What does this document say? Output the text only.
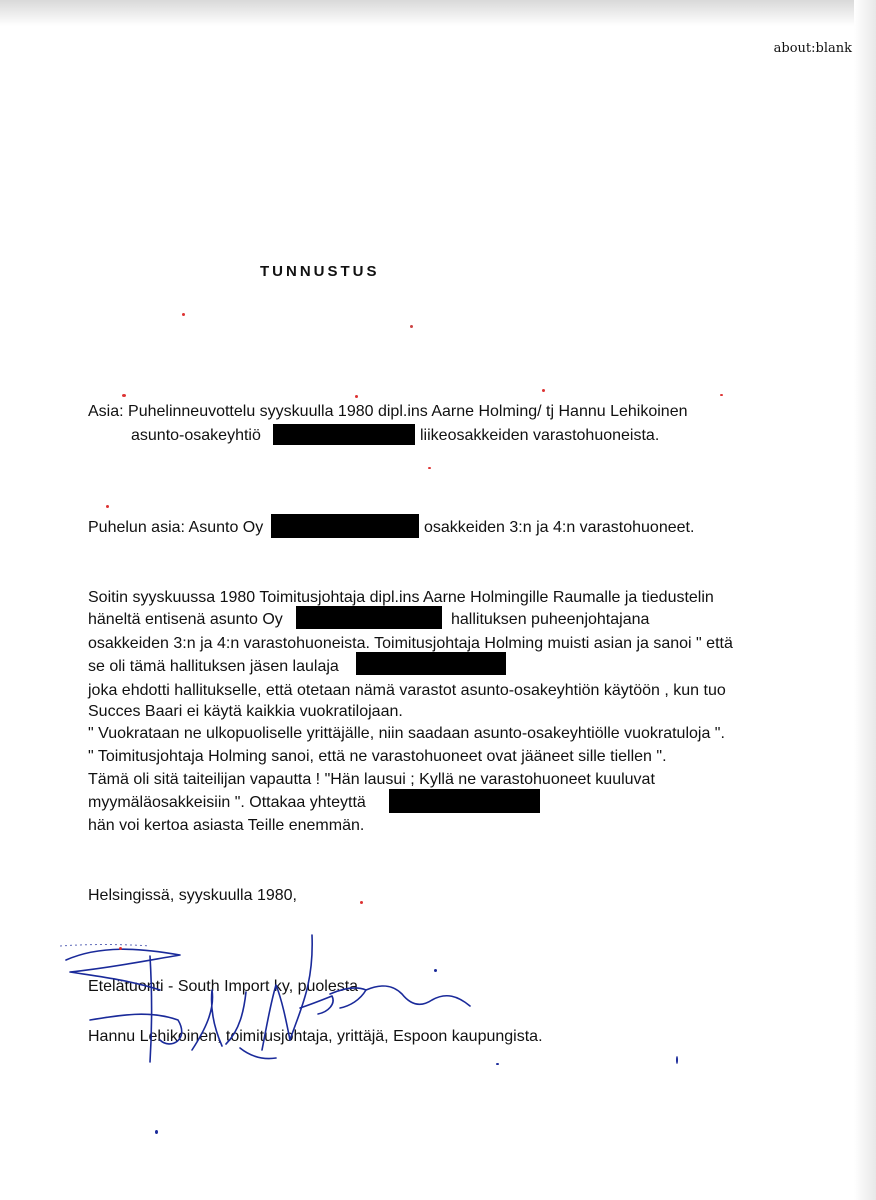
about:blank
TUNNUSTUS
Asia: Puhelinneuvottelu syyskuulla 1980 dipl.ins Aarne Holming/ tj Hannu Lehikoinen
asunto-osakeyhtiö	liikeosakkeiden varastohuoneista.
Puhelun asia: Asunto Oy	osakkeiden 3:n ja 4:n varastohuoneet.
Soitin syyskuussa 1980 Toimitusjohtaja dipl.ins Aarne Holmingille Raumalle ja tiedustelin
häneltä entisenä asunto Oy	hallituksen puheenjohtajana
osakkeiden 3:n ja 4:n varastohuoneista. Toimitusjohtaja Holming muisti asian ja sanoi " että
se oli tämä hallituksen jäsen laulaja
joka ehdotti hallitukselle, että otetaan nämä varastot asunto-osakeyhtiön käytöön , kun tuo
Succes Baari ei käytä kaikkia vuokratilojaan.
" Vuokrataan ne ulkopuoliselle yrittäjälle, niin saadaan asunto-osakeyhtiölle vuokratuloja ".
" Toimitusjohtaja Holming sanoi, että ne varastohuoneet ovat jääneet sille tiellen ".
Tämä oli sitä taiteilijan vapautta ! "Hän lausui ; Kyllä ne varastohuoneet kuuluvat
myymäläosakkeisiin ". Ottakaa yhteyttä
hän voi kertoa asiasta Teille enemmän.
Helsingissä, syyskuulla 1980,
Etelätuonti - South Import ky, puolesta
Hannu Lehikoinen, toimitusjohtaja, yrittäjä, Espoon kaupungista.
